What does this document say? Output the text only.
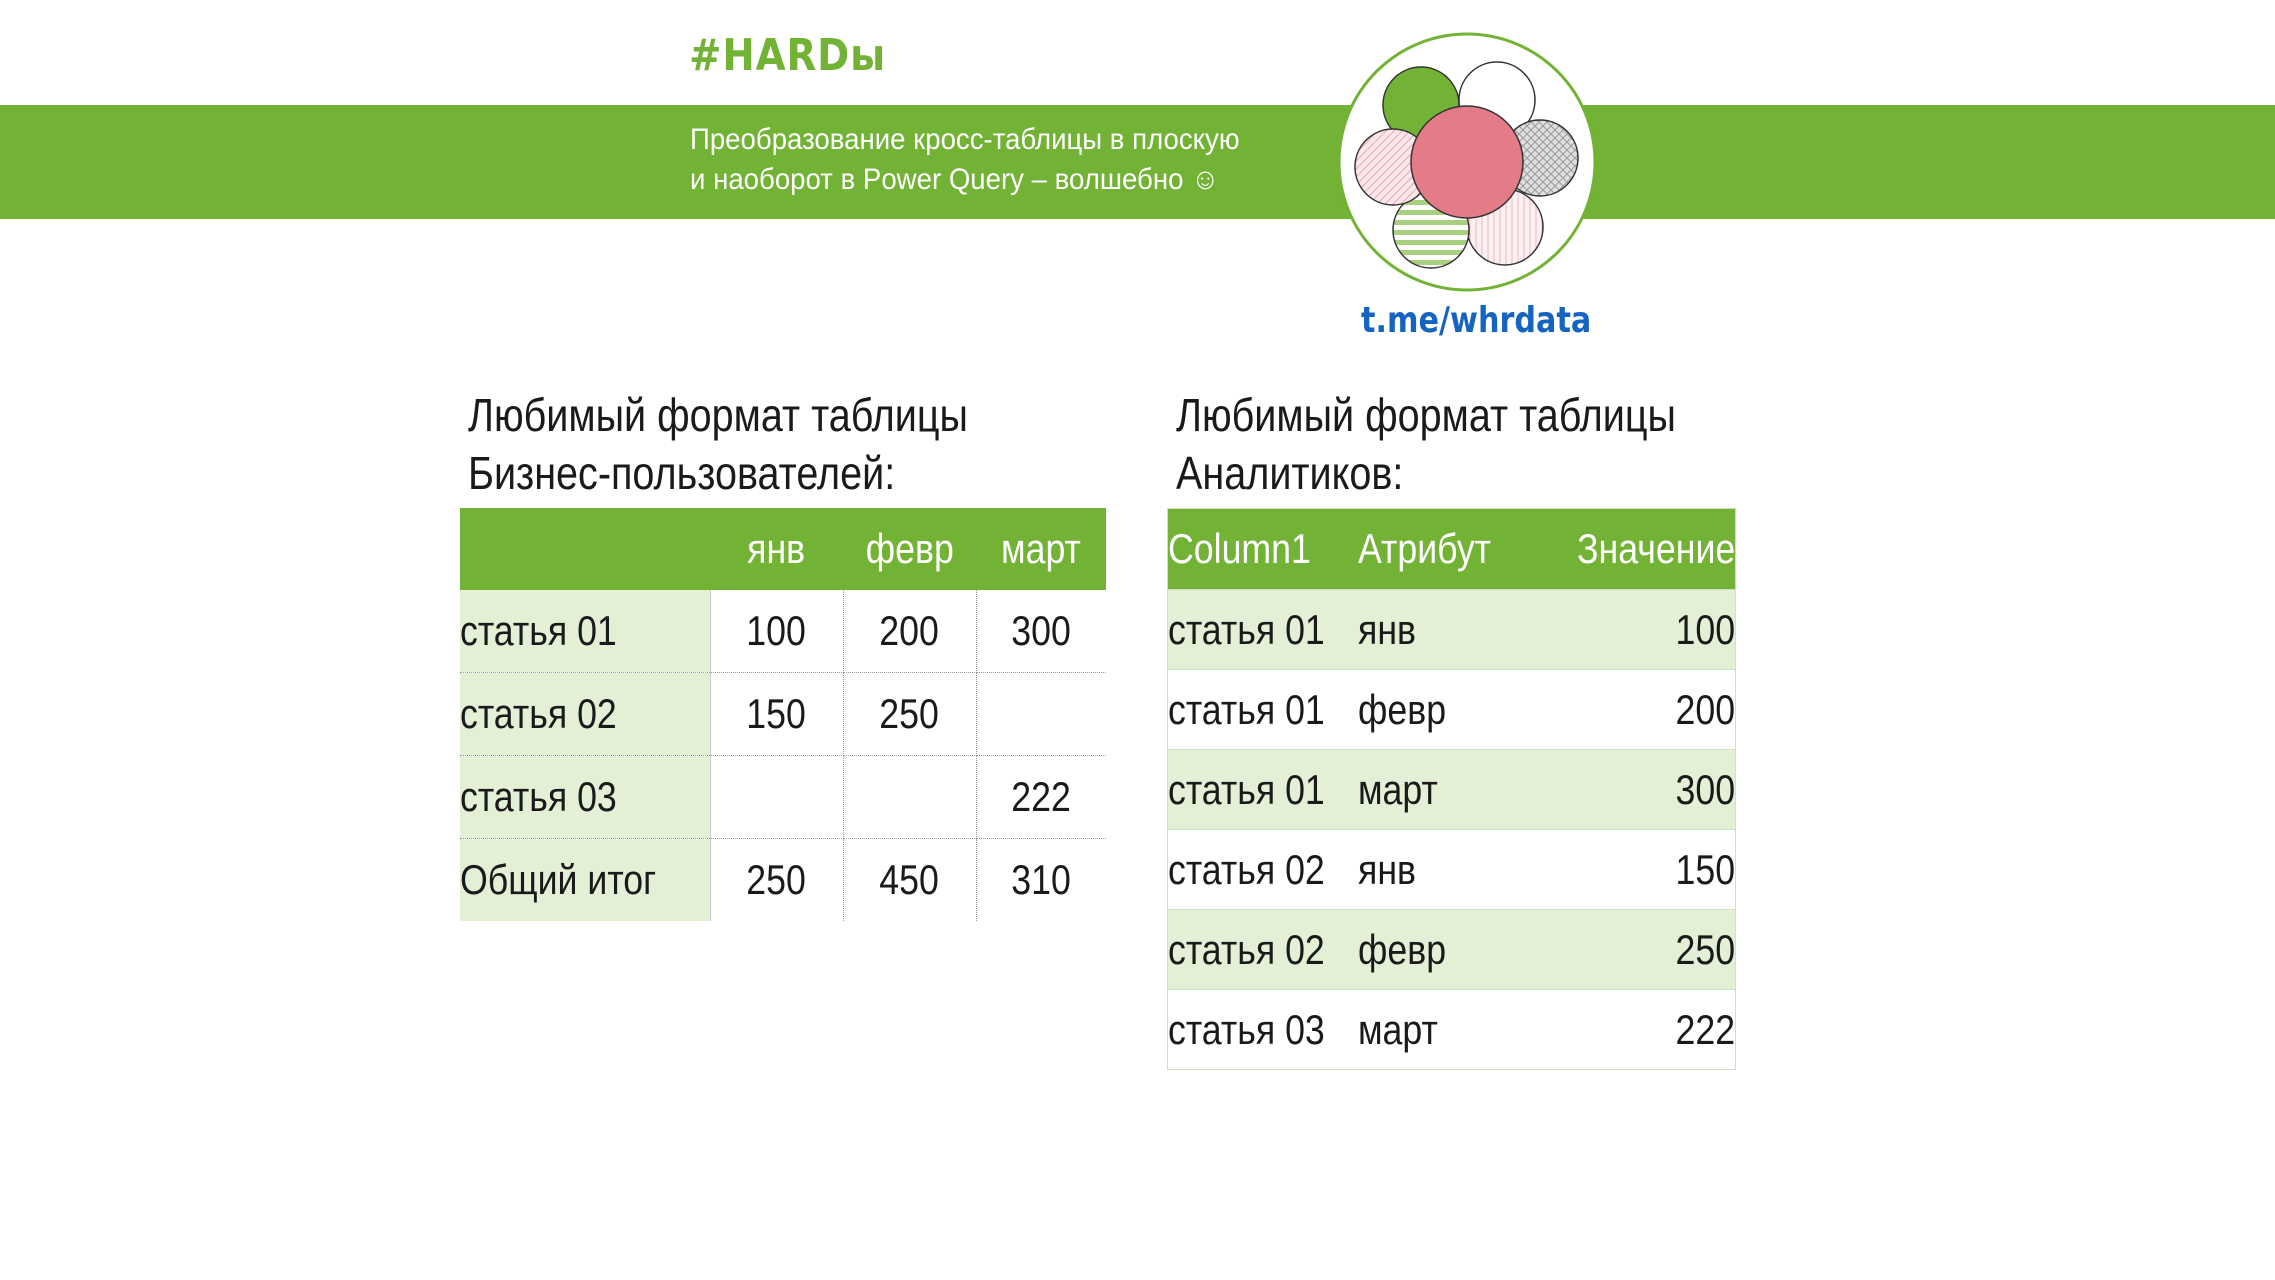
#HARDы
Преобразование кросс-таблицы в плоскую
и наоборот в Power Query – волшебно ☺
t.me/whrdata
Любимый формат таблицы
Бизнес-пользователей:
Любимый формат таблицы
Аналитиков:
	янв	февр	март
статья 01	100	200	300
статья 02	150	250	
статья 03			222
Общий итог	250	450	310
Column1	Атрибут	Значение
статья 01	янв	100
статья 01	февр	200
статья 01	март	300
статья 02	янв	150
статья 02	февр	250
статья 03	март	222
